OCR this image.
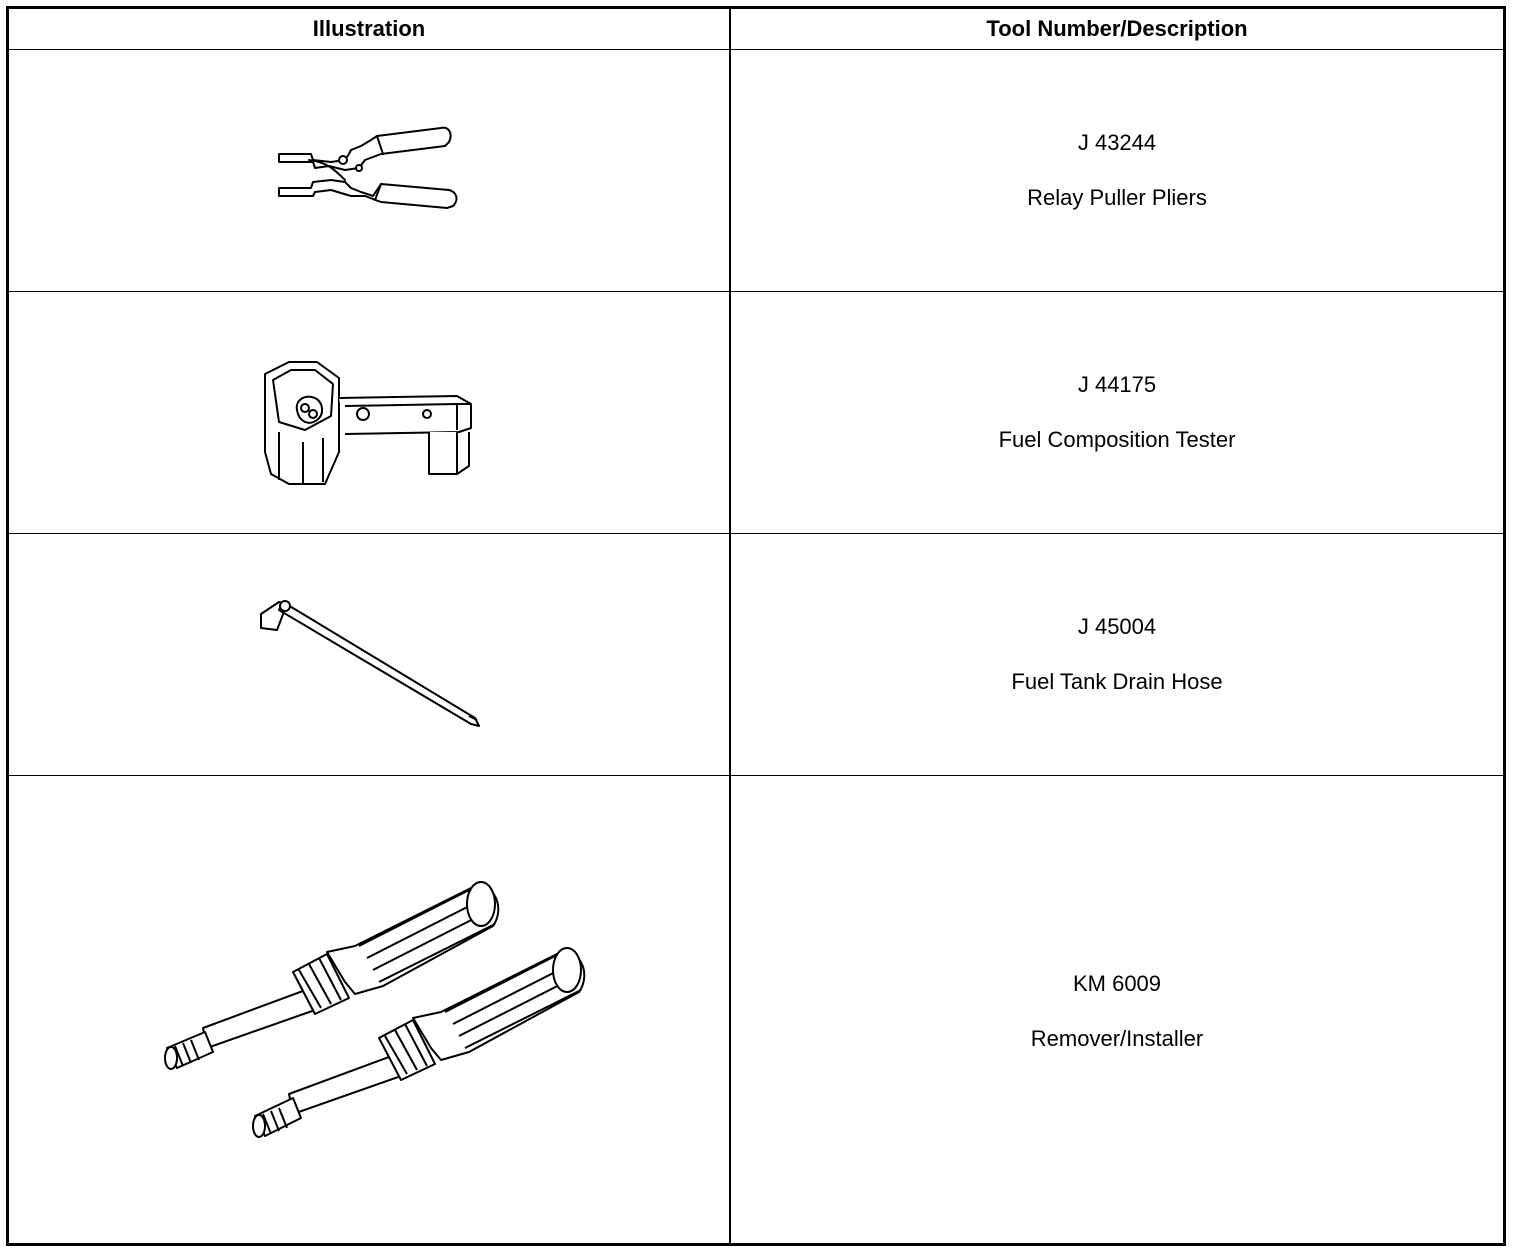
Illustration	Tool Number/Description
J 43244
Relay Puller Pliers
J 44175
Fuel Composition Tester
J 45004
Fuel Tank Drain Hose
KM 6009
Remover/Installer
